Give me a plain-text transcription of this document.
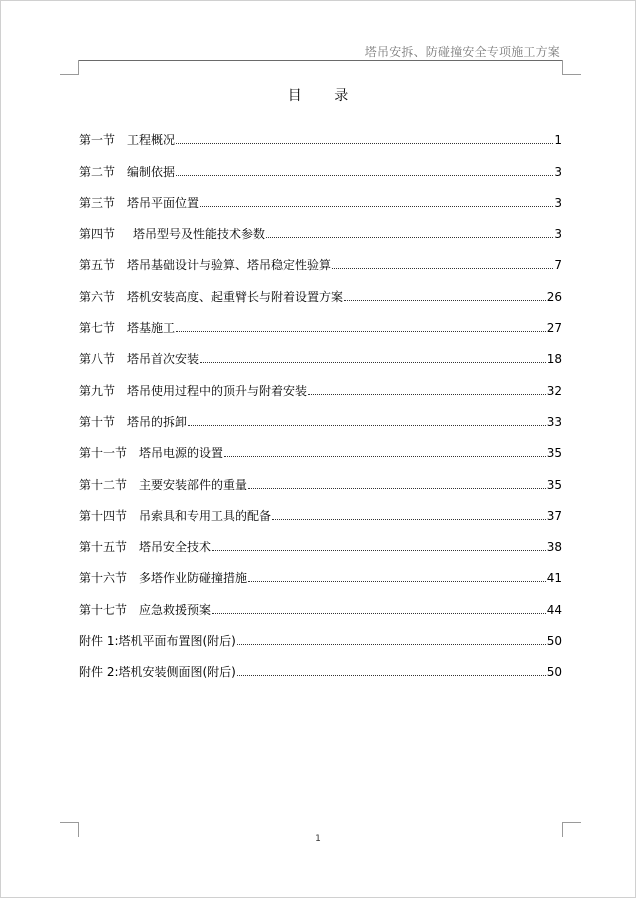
塔吊安拆、防碰撞安全专项施工方案
目 录
第一节 工程概况	1
第二节 编制依据	3
第三节 塔吊平面位置	3
第四节 塔吊型号及性能技术参数	3
第五节 塔吊基础设计与验算、塔吊稳定性验算	7
第六节 塔机安装高度、起重臂长与附着设置方案	26
第七节 塔基施工	27
第八节 塔吊首次安装	18
第九节 塔吊使用过程中的顶升与附着安装	32
第十节 塔吊的拆卸	33
第十一节 塔吊电源的设置	35
第十二节 主要安装部件的重量	35
第十四节 吊索具和专用工具的配备	37
第十五节 塔吊安全技术	38
第十六节 多塔作业防碰撞措施	41
第十七节 应急救援预案	44
附件 1: 塔机平面布置图(附后)	50
附件 2: 塔机安装侧面图(附后)	50
1
